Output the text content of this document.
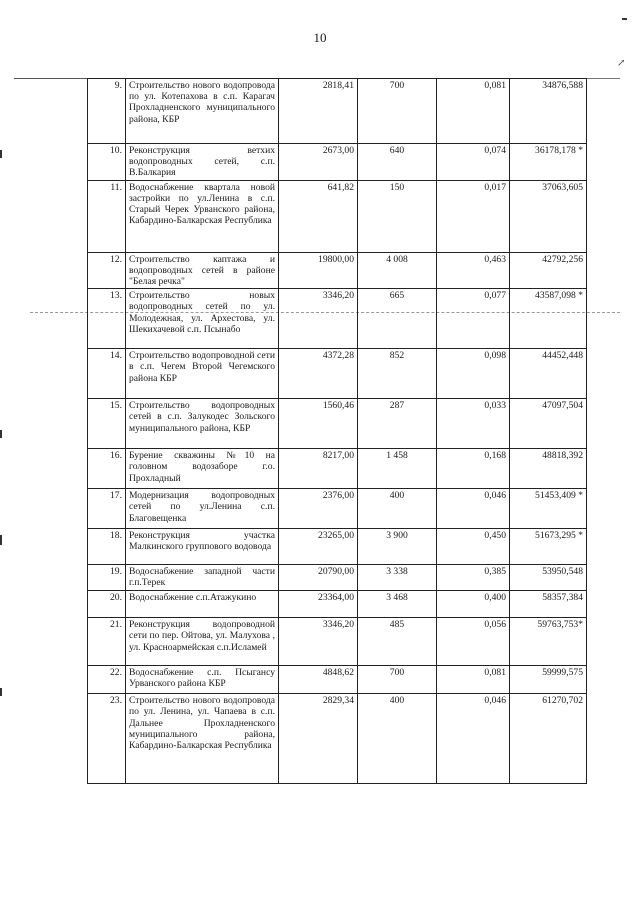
10
↗
9.	Строительство нового водопровода по ул. Котепахова в с.п. Карагач Прохладненского муниципального района, КБР	2818,41	700	0,081	34876,588
10.	Реконструкция ветхих водопроводных сетей, с.п. В.Балкария	2673,00	640	0,074	36178,178 *
11.	Водоснабжение квартала новой застройки по ул.Ленина в с.п. Старый Черек Урванского района, Кабардино-Балкарская Республика	641,82	150	0,017	37063,605
12.	Строительство каптажа и водопроводных сетей в районе "Белая речка"	19800,00	4 008	0,463	42792,256
13.	Строительство новых водопроводных сетей по ул. Молодежная, ул. Архестова, ул. Шекихачевой с.п. Псынабо	3346,20	665	0,077	43587,098 *
14.	Строительство водопроводной сети в с.п. Чегем Второй Чегемского района КБР	4372,28	852	0,098	44452,448
15.	Строительство водопроводных сетей в с.п. Залукодес Зольского муниципального района, КБР	1560,46	287	0,033	47097,504
16.	Бурение скважины №10 на головном водозаборе г.о. Прохладный	8217,00	1 458	0,168	48818,392
17.	Модернизация водопроводных сетей по ул.Ленина с.п. Благовещенка	2376,00	400	0,046	51453,409 *
18.	Реконструкция участка Малкинского группового водовода	23265,00	3 900	0,450	51673,295 *
19.	Водоснабжение западной части г.п.Терек	20790,00	3 338	0,385	53950,548
20.	Водоснабжение с.п.Атажукино	23364,00	3 468	0,400	58357,384
21.	Реконструкция водопроводной сети по пер. Ойтова, ул. Малухова , ул. Красноармейская с.п.Исламей	3346,20	485	0,056	59763,753*
22.	Водоснабжение с.п. Псыгансу Урванского района КБР	4848,62	700	0,081	59999,575
23.	Строительство нового водопровода по ул. Ленина, ул. Чапаева в с.п. Дальнее Прохладненского муниципального района, Кабардино-Балкарская Республика	2829,34	400	0,046	61270,702
